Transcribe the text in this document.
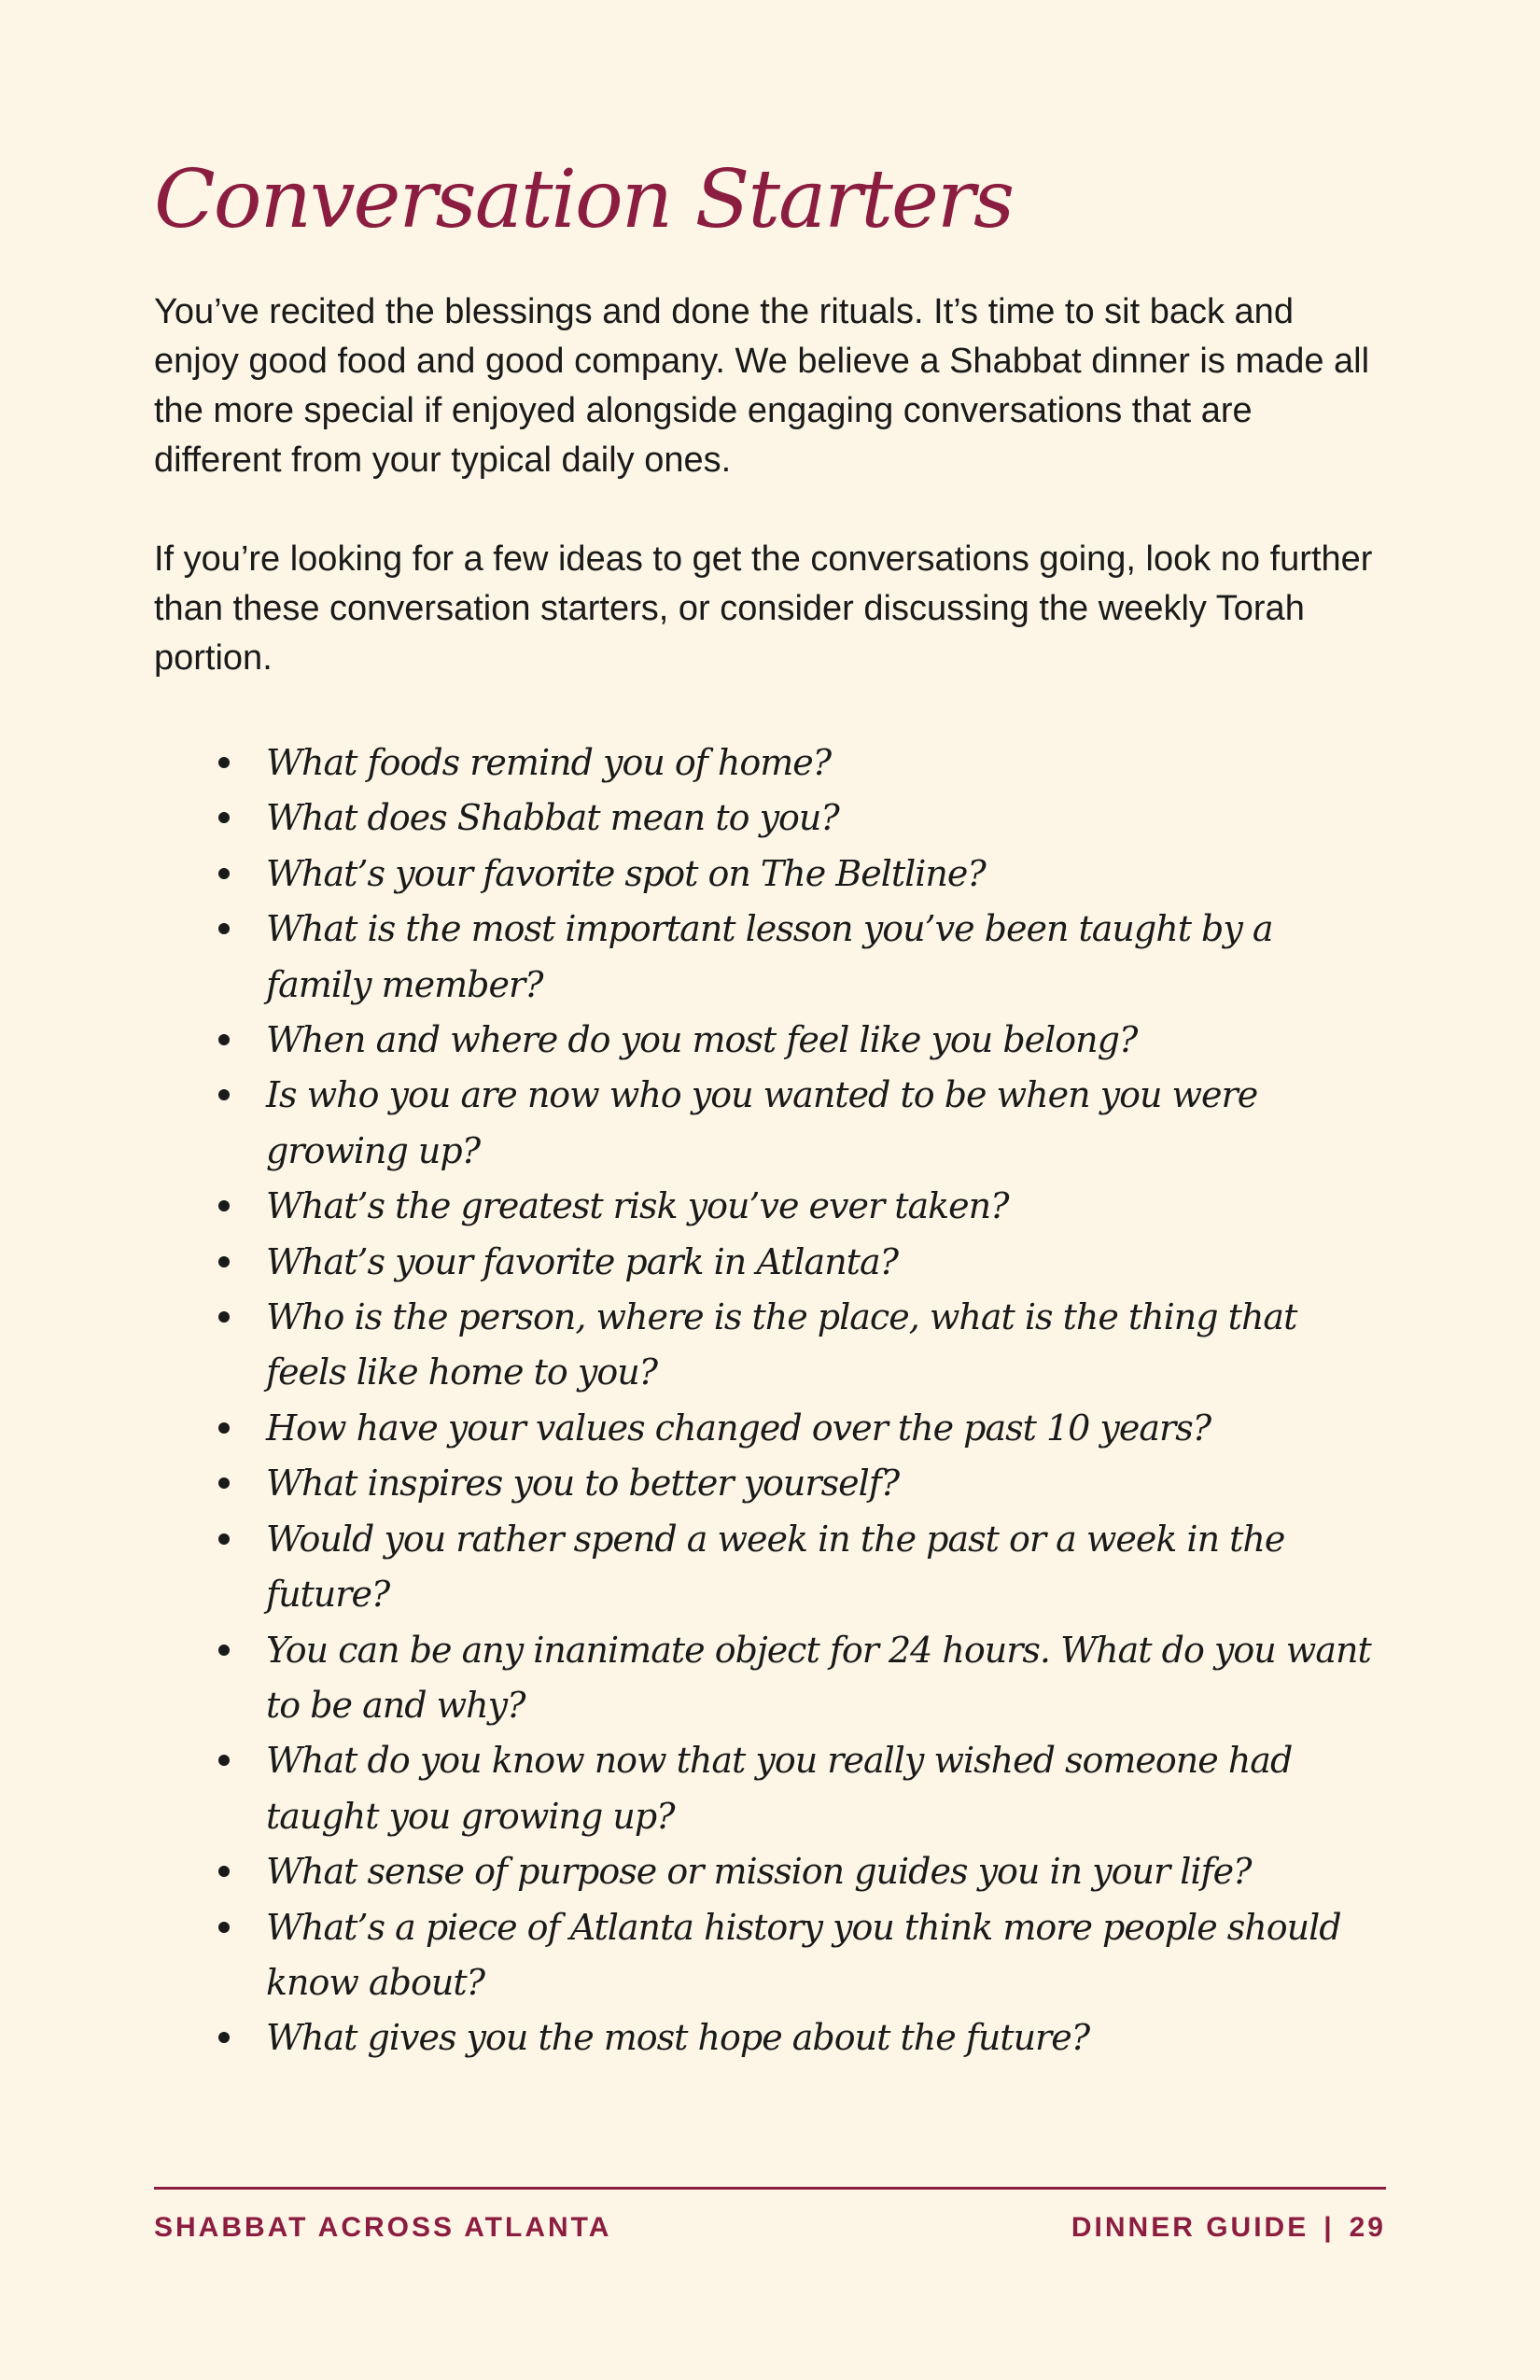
Conversation Starters

You’ve recited the blessings and done the rituals. It’s time to sit back and enjoy good food and good company. We believe a Shabbat dinner is made all the more special if enjoyed alongside engaging conversations that are different from your typical daily ones.

If you’re looking for a few ideas to get the conversations going, look no further than these conversation starters, or consider discussing the weekly Torah portion.

What foods remind you of home?
What does Shabbat mean to you?
What’s your favorite spot on The Beltline?
What is the most important lesson you’ve been taught by a family member?
When and where do you most feel like you belong?
Is who you are now who you wanted to be when you were growing up?
What’s the greatest risk you’ve ever taken?
What’s your favorite park in Atlanta?
Who is the person, where is the place, what is the thing that feels like home to you?
How have your values changed over the past 10 years?
What inspires you to better yourself?
Would you rather spend a week in the past or a week in the future?
You can be any inanimate object for 24 hours. What do you want to be and why?
What do you know now that you really wished someone had taught you growing up?
What sense of purpose or mission guides you in your life?
What’s a piece of Atlanta history you think more people should know about?
What gives you the most hope about the future?
SHABBAT ACROSS ATLANTA	DINNER GUIDE | 29
